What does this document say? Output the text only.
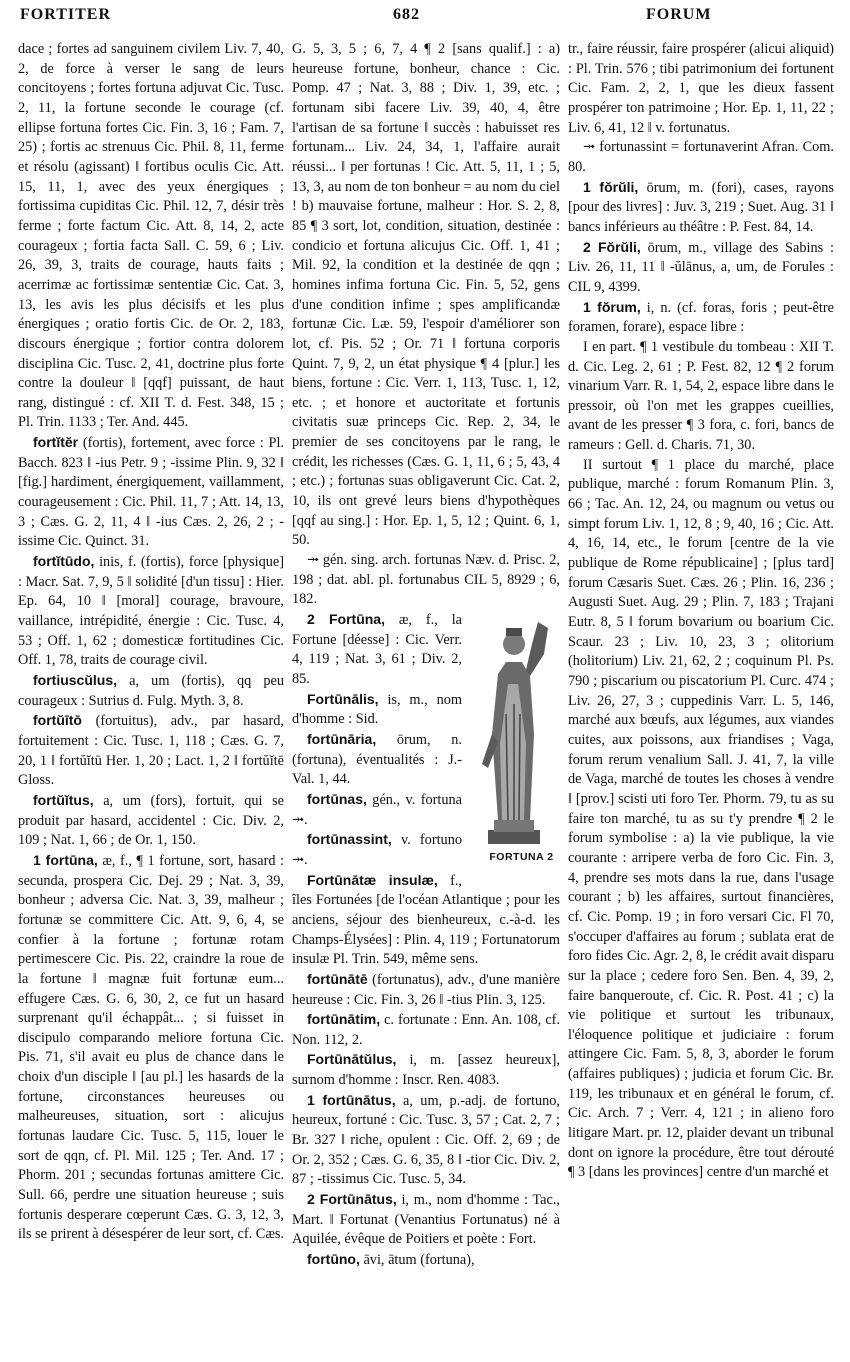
FORTITER	682	FORUM

dace ; fortes ad sanguinem civilem Liv. 7, 40, 2, de force à verser le sang de leurs concitoyens ; fortes fortuna adjuvat Cic. Tusc. 2, 11, la fortune seconde le courage (cf. ellipse fortuna fortes Cic. Fin. 3, 16 ; Fam. 7, 25) ; fortis ac strenuus Cic. Phil. 8, 11, ferme et résolu (agissant) ‖ fortibus oculis Cic. Att. 15, 11, 1, avec des yeux énergiques ; fortissima cupiditas Cic. Phil. 12, 7, désir très ferme ; forte factum Cic. Att. 8, 14, 2, acte courageux ; fortia facta Sall. C. 59, 6 ; Liv. 26, 39, 3, traits de courage, hauts faits ; acerrimæ ac fortissimæ sententiæ Cic. Cat. 3, 13, les avis les plus décisifs et les plus énergiques ; oratio fortis Cic. de Or. 2, 183, discours énergique ; fortior contra dolorem disciplina Cic. Tusc. 2, 41, doctrine plus forte contre la douleur ‖ [qqf] puissant, de haut rang, distingué : cf. XII T. d. Fest. 348, 15 ; Pl. Trin. 1133 ; Ter. And. 445.

fortĭtĕr (fortis), fortement, avec force : Pl. Bacch. 823 ‖ -ius Petr. 9 ; -issime Plin. 9, 32 ‖ [fig.] hardiment, énergiquement, vaillamment, courageusement : Cic. Phil. 11, 7 ; Att. 14, 13, 3 ; Cæs. G. 2, 11, 4 ‖ -ius Cæs. 2, 26, 2 ; -issime Cic. Quinct. 31.

fortĭtūdo, inis, f. (fortis), force [physique] : Macr. Sat. 7, 9, 5 ‖ solidité [d'un tissu] : Hier. Ep. 64, 10 ‖ [moral] courage, bravoure, vaillance, intrépidité, énergie : Cic. Tusc. 4, 53 ; Off. 1, 62 ; domesticæ fortitudines Cic. Off. 1, 78, traits de courage civil.

fortiuscŭlus, a, um (fortis), qq peu courageux : Sutrius d. Fulg. Myth. 3, 8.

fortŭītō (fortuitus), adv., par hasard, fortuitement : Cic. Tusc. 1, 118 ; Cæs. G. 7, 20, 1 ‖ fortŭĭtū Her. 1, 20 ; Lact. 1, 2 ‖ fortŭĭtē Gloss.

fortŭĭtus, a, um (fors), fortuit, qui se produit par hasard, accidentel : Cic. Div. 2, 109 ; Nat. 1, 66 ; de Or. 1, 150.

1 fortūna, æ, f., ¶ 1 fortune, sort, hasard : secunda, prospera Cic. Dej. 29 ; Nat. 3, 39, bonheur ; adversa Cic. Nat. 3, 39, malheur ; fortunæ se committere Cic. Att. 9, 6, 4, se confier à la fortune ; fortunæ rotam pertimescere Cic. Pis. 22, craindre la roue de la fortune ‖ magnæ fuit fortunæ eum... effugere Cæs. G. 6, 30, 2, ce fut un hasard surprenant qu'il échappât... ; si fuisset in discipulo comparando meliore fortuna Cic. Pis. 71, s'il avait eu plus de chance dans le choix d'un disciple ‖ [au pl.] les hasards de la fortune, circonstances heureuses ou malheureuses, situation, sort : alicujus fortunas laudare Cic. Tusc. 5, 115, louer le sort de qqn, cf. Pl. Mil. 125 ; Ter. And. 17 ; Phorm. 201 ; secundas fortunas amittere Cic. Sull. 66, perdre une situation heureuse ; suis fortunis desperare cœperunt Cæs. G. 3, 12, 3, ils se prirent à désespérer de leur sort, cf. Cæs.

G. 5, 3, 5 ; 6, 7, 4 ¶ 2 [sans qualif.] : a) heureuse fortune, bonheur, chance : Cic. Pomp. 47 ; Nat. 3, 88 ; Div. 1, 39, etc. ; fortunam sibi facere Liv. 39, 40, 4, être l'artisan de sa fortune ‖ succès : habuisset res fortunam... Liv. 24, 34, 1, l'affaire aurait réussi... ‖ per fortunas ! Cic. Att. 5, 11, 1 ; 5, 13, 3, au nom de ton bonheur = au nom du ciel ! b) mauvaise fortune, malheur : Hor. S. 2, 8, 85 ¶ 3 sort, lot, condition, situation, destinée : condicio et fortuna alicujus Cic. Off. 1, 41 ; Mil. 92, la condition et la destinée de qqn ; homines infima fortuna Cic. Fin. 5, 52, gens d'une condition infime ; spes amplificandæ fortunæ Cic. Læ. 59, l'espoir d'améliorer son lot, cf. Pis. 52 ; Or. 71 ‖ fortuna corporis Quint. 7, 9, 2, un état physique ¶ 4 [plur.] les biens, fortune : Cic. Verr. 1, 113, Tusc. 1, 12, etc. ; et honore et auctoritate et fortunis civitatis suæ princeps Cic. Rep. 2, 34, le premier de ses concitoyens par le rang, le crédit, les richesses (Cæs. G. 1, 11, 6 ; 5, 43, 4 ; etc.) ; fortunas suas obligaverunt Cic. Cat. 2, 10, ils ont grevé leurs biens d'hypothèques [qqf au sing.] : Hor. Ep. 1, 5, 12 ; Quint. 6, 1, 50.

⤞ gén. sing. arch. fortunas Næv. d. Prisc. 2, 198 ; dat. abl. pl. fortunabus CIL 5, 8929 ; 6, 182.

FORTUNA 2
2 Fortūna, æ, f., la Fortune [déesse] : Cic. Verr. 4, 119 ; Nat. 3, 61 ; Div. 2, 85.

Fortūnālis, is, m., nom d'homme : Sid.

fortūnāria, ōrum, n. (fortuna), éventualités : J.-Val. 1, 44.

fortūnas, gén., v. fortuna ⤞.

fortūnassint, v. fortuno ⤞.

Fortūnātæ insulæ, f., îles Fortunées [de l'océan Atlantique ; pour les anciens, séjour des bienheureux, c.-à-d. les Champs-Élysées] : Plin. 4, 119 ; Fortunatorum insulæ Pl. Trin. 549, même sens.

fortūnātē (fortunatus), adv., d'une manière heureuse : Cic. Fin. 3, 26 ‖ -tius Plin. 3, 125.

fortūnātim, c. fortunate : Enn. An. 108, cf. Non. 112, 2.

Fortūnātŭlus, i, m. [assez heureux], surnom d'homme : Inscr. Ren. 4083.

1 fortūnātus, a, um, p.-adj. de fortuno, heureux, fortuné : Cic. Tusc. 3, 57 ; Cat. 2, 7 ; Br. 327 ‖ riche, opulent : Cic. Off. 2, 69 ; de Or. 2, 352 ; Cæs. G. 6, 35, 8 ‖ -tior Cic. Div. 2, 87 ; -tissimus Cic. Tusc. 5, 34.

2 Fortūnātus, i, m., nom d'homme : Tac., Mart. ‖ Fortunat (Venantius Fortunatus) né à Aquilée, évêque de Poitiers et poète : Fort.

fortūno, āvi, ātum (fortuna),

tr., faire réussir, faire prospérer (alicui aliquid) : Pl. Trin. 576 ; tibi patrimonium dei fortunent Cic. Fam. 2, 2, 1, que les dieux fassent prospérer ton patrimoine ; Hor. Ep. 1, 11, 22 ; Liv. 6, 41, 12 ‖ v. fortunatus.

⤞ fortunassint = fortunaverint Afran. Com. 80.

1 fŏrŭli, ōrum, m. (fori), cases, rayons [pour des livres] : Juv. 3, 219 ; Suet. Aug. 31 ‖ bancs inférieurs au théâtre : P. Fest. 84, 14.

2 Fŏrŭli, ōrum, m., village des Sabins : Liv. 26, 11, 11 ‖ -ŭlānus, a, um, de Forules : CIL 9, 4399.

1 fŏrum, i, n. (cf. foras, foris ; peut-être foramen, forare), espace libre :

I en part. ¶ 1 vestibule du tombeau : XII T. d. Cic. Leg. 2, 61 ; P. Fest. 82, 12 ¶ 2 forum vinarium Varr. R. 1, 54, 2, espace libre dans le pressoir, où l'on met les grappes cueillies, avant de les presser ¶ 3 fora, c. fori, bancs de rameurs : Gell. d. Charis. 71, 30.

II surtout ¶ 1 place du marché, place publique, marché : forum Romanum Plin. 3, 66 ; Tac. An. 12, 24, ou magnum ou vetus ou simpt forum Liv. 1, 12, 8 ; 9, 40, 16 ; Cic. Att. 4, 16, 14, etc., le forum [centre de la vie publique de Rome républicaine] ; [plus tard] forum Cæsaris Suet. Cæs. 26 ; Plin. 16, 236 ; Augusti Suet. Aug. 29 ; Plin. 7, 183 ; Trajani Eutr. 8, 5 ‖ forum bovarium ou boarium Cic. Scaur. 23 ; Liv. 10, 23, 3 ; olitorium (holitorium) Liv. 21, 62, 2 ; coquinum Pl. Ps. 790 ; piscarium ou piscatorium Pl. Curc. 474 ; Liv. 26, 27, 3 ; cuppedinis Varr. L. 5, 146, marché aux bœufs, aux légumes, aux viandes cuites, aux poissons, aux friandises ; Vaga, forum rerum venalium Sall. J. 41, 7, la ville de Vaga, marché de toutes les choses à vendre ‖ [prov.] scisti uti foro Ter. Phorm. 79, tu as su faire ton marché, tu as su t'y prendre ¶ 2 le forum symbolise : a) la vie publique, la vie courante : arripere verba de foro Cic. Fin. 3, 4, prendre ses mots dans la rue, dans l'usage courant ; b) les affaires, surtout financières, cf. Cic. Pomp. 19 ; in foro versari Cic. Fl 70, s'occuper d'affaires au forum ; sublata erat de foro fides Cic. Agr. 2, 8, le crédit avait disparu sur la place ; cedere foro Sen. Ben. 4, 39, 2, faire banqueroute, cf. Cic. R. Post. 41 ; c) la vie politique et surtout les tribunaux, l'éloquence politique et judiciaire : forum attingere Cic. Fam. 5, 8, 3, aborder le forum (affaires publiques) ; judicia et forum Cic. Br. 119, les tribunaux et en général le forum, cf. Cic. Arch. 7 ; Verr. 4, 121 ; in alieno foro litigare Mart. pr. 12, plaider devant un tribunal dont on ignore la procédure, être tout dérouté ¶ 3 [dans les provinces] centre d'un marché et
